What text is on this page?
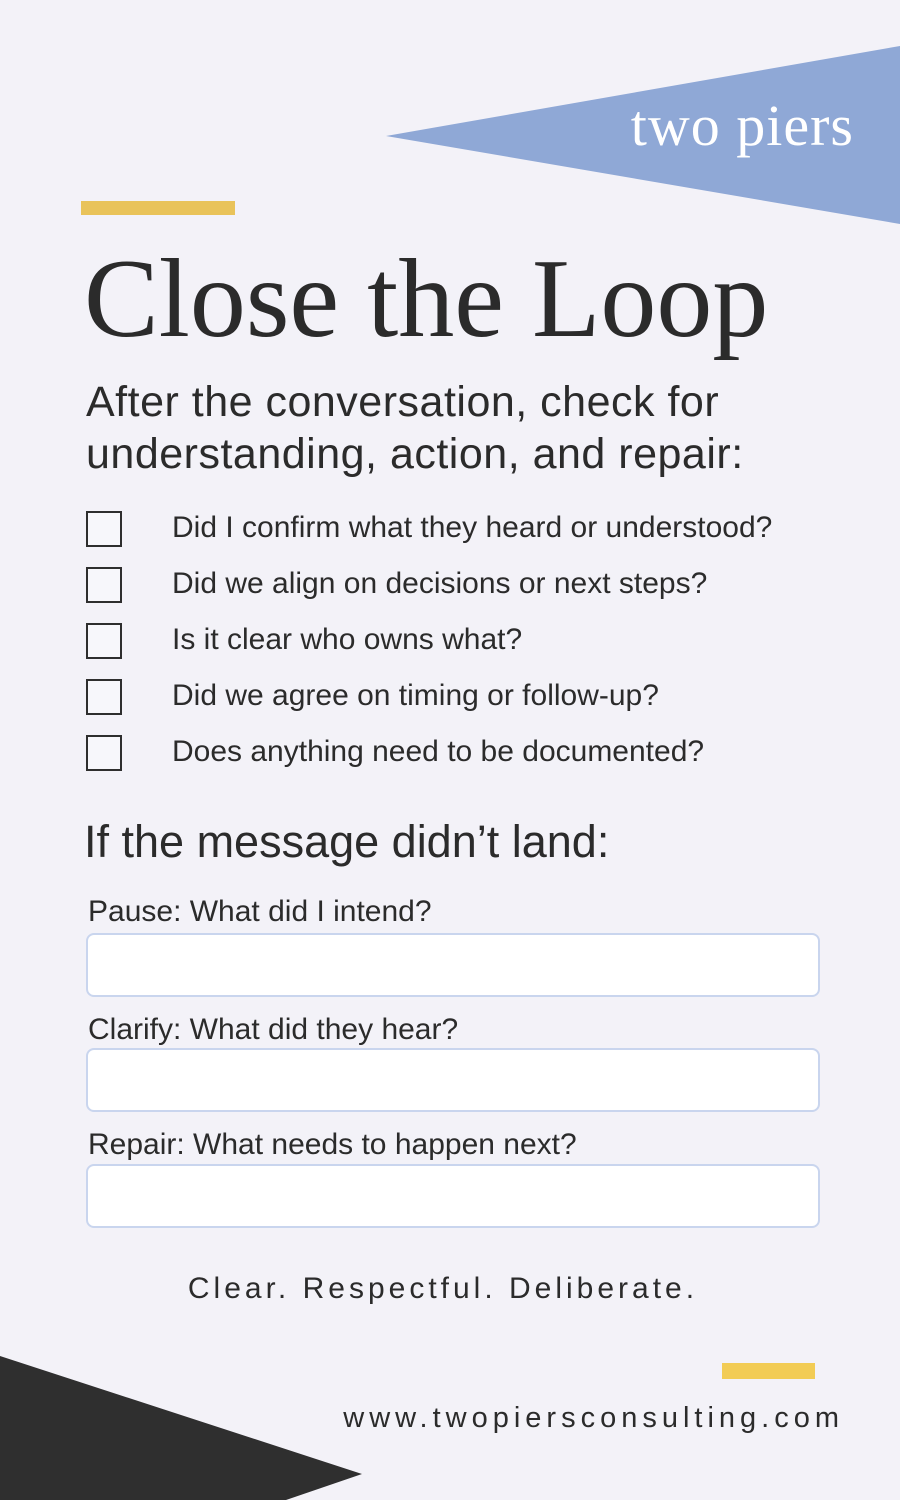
two piers
Close the Loop

After the conversation, check for understanding, action, and repair:

Did I confirm what they heard or understood?
Did we align on decisions or next steps?
Is it clear who owns what?
Did we agree on timing or follow-up?
Does anything need to be documented?
If the message didn’t land:
Pause: What did I intend?
Clarify: What did they hear?
Repair: What needs to happen next?
Clear. Respectful. Deliberate.
www.twopiersconsulting.com
